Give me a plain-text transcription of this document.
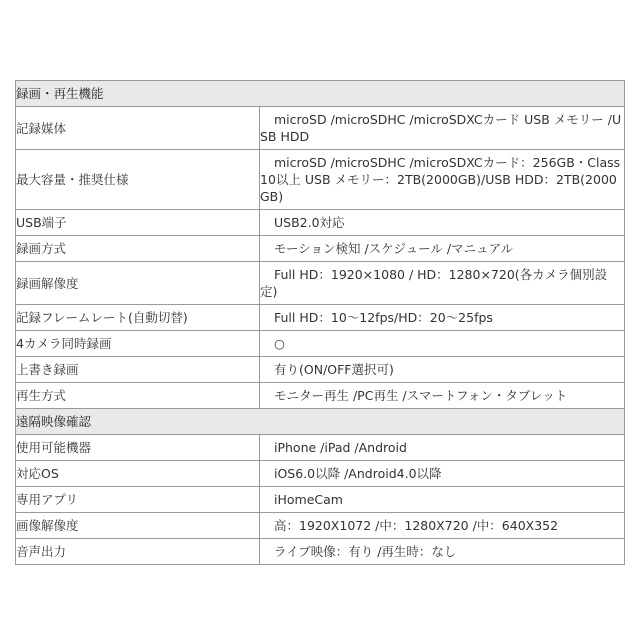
録画・再生機能	
記録媒体	microSD /microSDHC /microSDXCカード USB メモリー /USB HDD

最大容量・推奨仕様	microSD /microSDHC /microSDXCカード：256GB・Class10以上 USB メモリー：2TB(2000GB)/USB HDD：2TB(2000GB)

USB端子	USB2.0対応

録画方式	モーション検知 /スケジュール /マニュアル

録画解像度	Full HD：1920×1080 / HD：1280×720(各カメラ個別設定)

記録フレームレート(自動切替)	Full HD：10～12fps/HD：20～25fps

4カメラ同時録画	○

上書き録画	有り(ON/OFF選択可)

再生方式	モニター再生 /PC再生 /スマートフォン・タブレット

遠隔映像確認	
使用可能機器	iPhone /iPad /Android

対応OS	iOS6.0以降 /Android4.0以降

専用アプリ	iHomeCam

画像解像度	高：1920X1072 /中：1280X720 /中：640X352

音声出力	ライブ映像：有り /再生時：なし
